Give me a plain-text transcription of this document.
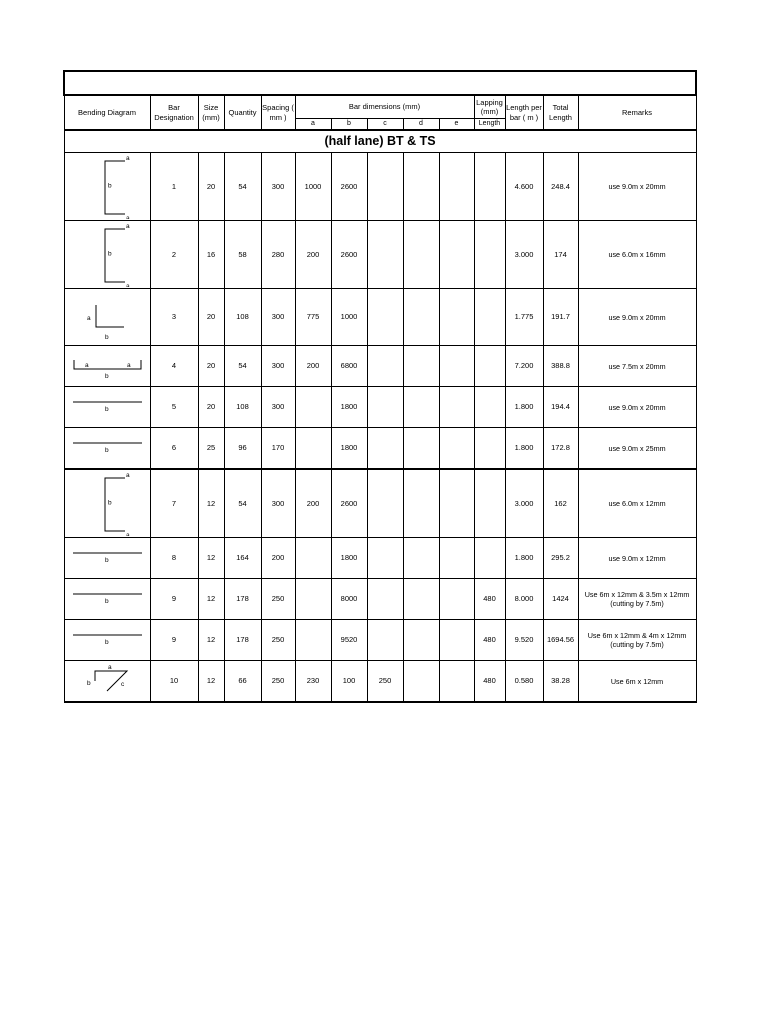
Bending Diagram	Bar Designation	Size (mm)	Quantity	Spacing ( mm )	Bar dimensions (mm)					Lapping (mm)	Length per bar ( m )	Total Length	Remarks
					a	b	c	d	e	Length			
(half lane) BT & TS													

a
b
a	1	20	54	300	1000	2600					4.600	248.4	use 9.0m x 20mm

a
b
a	2	16	58	280	200	2600					3.000	174	use 6.0m x 16mm

a
b	3	20	108	300	775	1000					1.775	191.7	use 9.0m x 20mm

a a
b	4	20	54	300	200	6800					7.200	388.8	use 7.5m x 20mm

b	5	20	108	300		1800					1.800	194.4	use 9.0m x 20mm

b	6	25	96	170		1800					1.800	172.8	use 9.0m x 25mm

a
b
a	7	12	54	300	200	2600					3.000	162	use 6.0m x 12mm

b	8	12	164	200		1800					1.800	295.2	use 9.0m x 12mm

b	9	12	178	250		8000				480	8.000	1424	Use 6m x 12mm & 3.5m x 12mm (cutting by 7.5m)

b	9	12	178	250		9520				480	9.520	1694.56	Use 6m x 12mm & 4m x 12mm (cutting by 7.5m)

a
b c	10	12	66	250	230	100	250			480	0.580	38.28	Use 6m x 12mm
